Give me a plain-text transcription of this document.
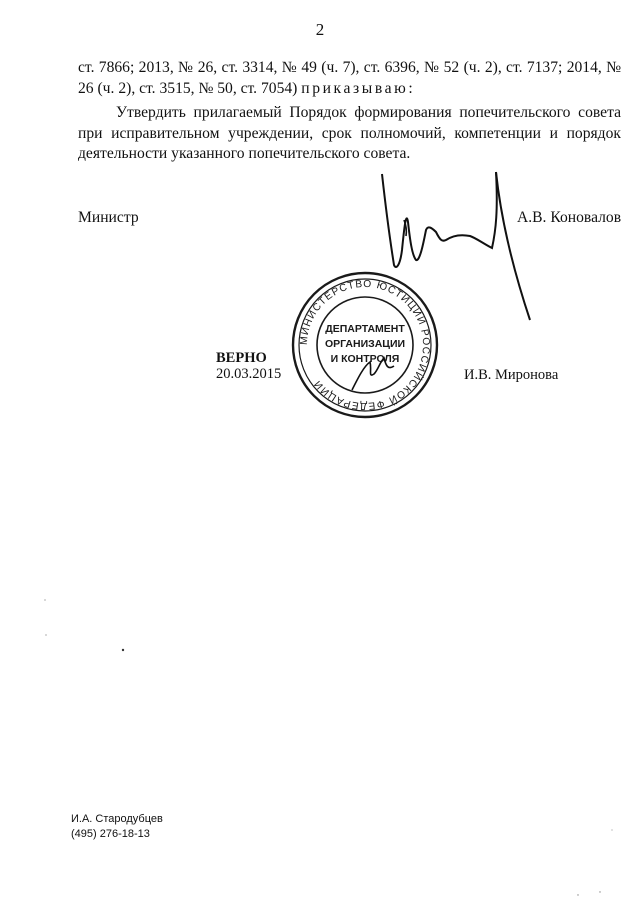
2
ст. 7866; 2013, № 26, ст. 3314, № 49 (ч. 7), ст. 6396, № 52 (ч. 2), ст. 7137; 2014, № 26 (ч. 2), ст. 3515, № 50, ст. 7054) приказываю:
Утвердить прилагаемый Порядок формирования попечительского совета при исправительном учреждении, срок полномочий, компетенции и порядок деятельности указанного попечительского совета.
Министр	А.В. Коновалов
МИНИСТЕРСТВО ЮСТИЦИИ РОССИЙСКОЙ ФЕДЕРАЦИИ
ДЕПАРТАМЕНТ
ОРГАНИЗАЦИИ
И КОНТРОЛЯ
ВЕРНО
20.03.2015	И.В. Миронова
И.А. Стародубцев
(495) 276-18-13
